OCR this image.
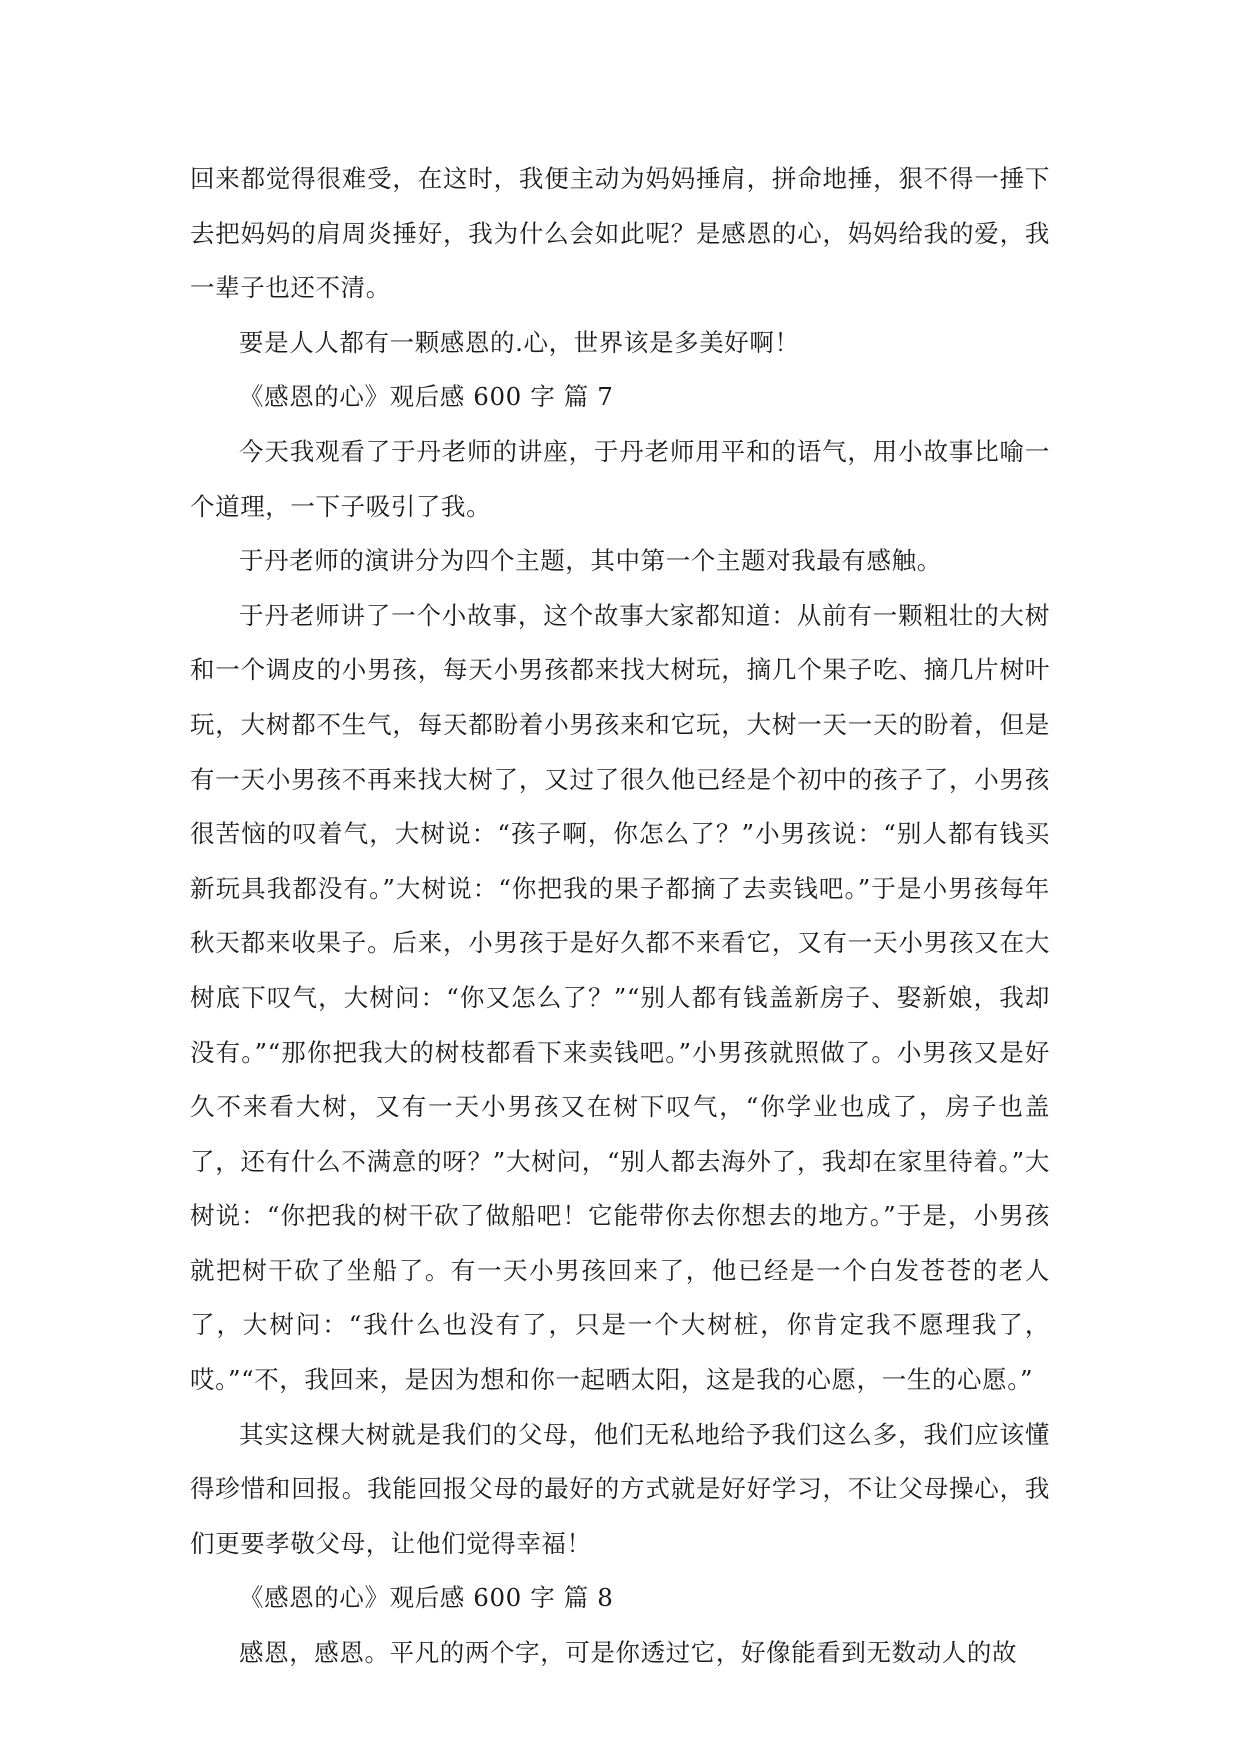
回来都觉得很难受，在这时，我便主动为妈妈捶肩，拼命地捶，狠不得一捶下去把妈妈的肩周炎捶好，我为什么会如此呢？是感恩的心，妈妈给我的爱，我一辈子也还不清。

要是人人都有一颗感恩的.心，世界该是多美好啊！

《感恩的心》观后感 600 字 篇 7

今天我观看了于丹老师的讲座，于丹老师用平和的语气，用小故事比喻一个道理，一下子吸引了我。

于丹老师的演讲分为四个主题，其中第一个主题对我最有感触。

于丹老师讲了一个小故事，这个故事大家都知道：从前有一颗粗壮的大树和一个调皮的小男孩，每天小男孩都来找大树玩，摘几个果子吃、摘几片树叶玩，大树都不生气，每天都盼着小男孩来和它玩，大树一天一天的盼着，但是有一天小男孩不再来找大树了，又过了很久他已经是个初中的孩子了，小男孩很苦恼的叹着气，大树说：“孩子啊，你怎么了？”小男孩说：“别人都有钱买新玩具我都没有。”大树说：“你把我的果子都摘了去卖钱吧。”于是小男孩每年秋天都来收果子。后来，小男孩于是好久都不来看它，又有一天小男孩又在大树底下叹气，大树问：“你又怎么了？”“别人都有钱盖新房子、娶新娘，我却没有。”“那你把我大的树枝都看下来卖钱吧。”小男孩就照做了。小男孩又是好久不来看大树，又有一天小男孩又在树下叹气，“你学业也成了，房子也盖了，还有什么不满意的呀？”大树问，“别人都去海外了，我却在家里待着。”大树说：“你把我的树干砍了做船吧！它能带你去你想去的地方。”于是，小男孩就把树干砍了坐船了。有一天小男孩回来了，他已经是一个白发苍苍的老人了，大树问：“我什么也没有了，只是一个大树桩，你肯定我不愿理我了，哎。”“不，我回来，是因为想和你一起晒太阳，这是我的心愿，一生的心愿。”

其实这棵大树就是我们的父母，他们无私地给予我们这么多，我们应该懂得珍惜和回报。我能回报父母的最好的方式就是好好学习，不让父母操心，我们更要孝敬父母，让他们觉得幸福！

《感恩的心》观后感 600 字 篇 8

感恩，感恩。平凡的两个字，可是你透过它，好像能看到无数动人的故
